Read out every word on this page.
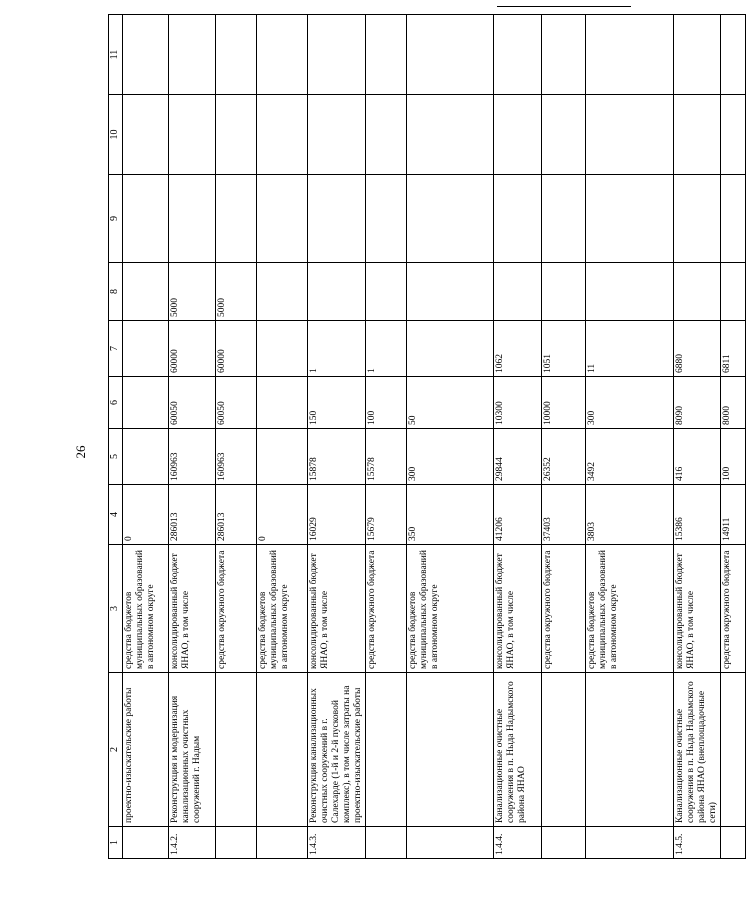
26
1	2	3	4	5	6	7	8	9	10	11
	проектно-изыскательские работы	средства бюджетов муниципальных образований в автономном округе	0							
1.4.2.	Реконструкция и модернизация канализационных очистных сооружений г. Надым	консолидированный бюджет ЯНАО, в том числе	286013	160963	60050	60000	5000			
		средства окружного бюджета	286013	160963	60050	60000	5000			
		средства бюджетов муниципальных образований в автономном округе	0							
1.4.3.	Реконструкция канализационных очистных сооружений в г. Салехарде (1-й и 2-й пусковой комплекс), в том числе затраты на проектно-изыскательские работы	консолидированный бюджет ЯНАО, в том числе	16029	15878	150	1				
		средства окружного бюджета	15679	15578	100	1				
		средства бюджетов муниципальных образований в автономном округе	350	300	50					
1.4.4.	Канализационные очистные сооружения в п. Ныда Надымского района ЯНАО	консолидированный бюджет ЯНАО, в том числе	41206	29844	10300	1062				
		средства окружного бюджета	37403	26352	10000	1051				
		средства бюджетов муниципальных образований в автономном округе	3803	3492	300	11				
1.4.5.	Канализационные очистные сооружения в п. Ныда Надымского района ЯНАО (внеплощадочные сети)	консолидированный бюджет ЯНАО, в том числе	15386	416	8090	6880				
		средства окружного бюджета	14911	100	8000	6811				
